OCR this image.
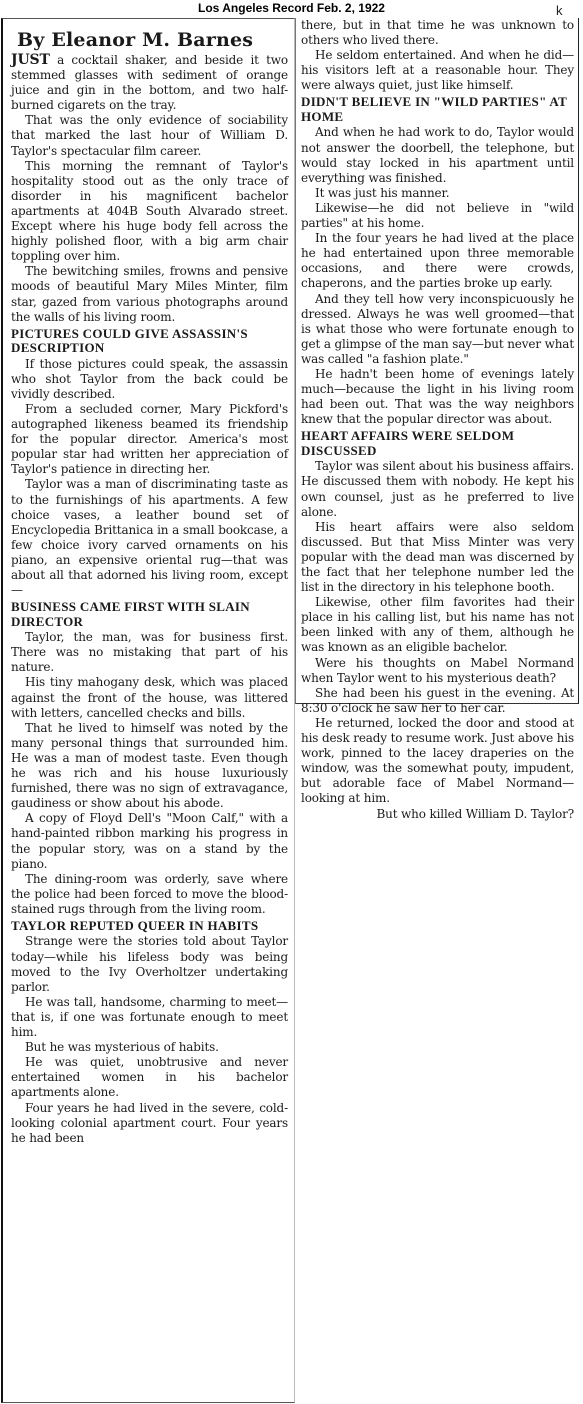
Los Angeles Record Feb. 2, 1922	k
By Eleanor M. Barnes

JUST a cocktail shaker, and beside it two stemmed glasses with sediment of orange juice and gin in the bottom, and two half-burned cigarets on the tray.

That was the only evidence of sociability that marked the last hour of William D. Taylor's spectacular film career.

This morning the remnant of Taylor's hospitality stood out as the only trace of disorder in his magnificent bachelor apartments at 404B South Alvarado street. Except where his huge body fell across the highly polished floor, with a big arm chair toppling over him.

The bewitching smiles, frowns and pensive moods of beautiful Mary Miles Minter, film star, gazed from various photographs around the walls of his living room.

PICTURES COULD GIVE ASSASSIN'S DESCRIPTION

If those pictures could speak, the assassin who shot Taylor from the back could be vividly described.

From a secluded corner, Mary Pickford's autographed likeness beamed its friendship for the popular director. America's most popular star had written her appreciation of Taylor's patience in directing her.

Taylor was a man of discriminating taste as to the furnishings of his apartments. A few choice vases, a leather bound set of Encyclopedia Brittanica in a small bookcase, a few choice ivory carved ornaments on his piano, an expensive oriental rug—that was about all that adorned his living room, except—

BUSINESS CAME FIRST WITH SLAIN DIRECTOR

Taylor, the man, was for business first. There was no mistaking that part of his nature.

His tiny mahogany desk, which was placed against the front of the house, was littered with letters, cancelled checks and bills.

That he lived to himself was noted by the many personal things that surrounded him. He was a man of modest taste. Even though he was rich and his house luxuriously furnished, there was no sign of extravagance, gaudiness or show about his abode.

A copy of Floyd Dell's "Moon Calf," with a hand-painted ribbon marking his progress in the popular story, was on a stand by the piano.

The dining-room was orderly, save where the police had been forced to move the blood-stained rugs through from the living room.

TAYLOR REPUTED QUEER IN HABITS

Strange were the stories told about Taylor today—while his lifeless body was being moved to the Ivy Overholtzer undertaking parlor.

He was tall, handsome, charming to meet—that is, if one was fortunate enough to meet him.

But he was mysterious of habits.

He was quiet, unobtrusive and never entertained women in his bachelor apartments alone.

Four years he had lived in the severe, cold-looking colonial apartment court. Four years he had been

there, but in that time he was unknown to others who lived there.

He seldom entertained. And when he did—his visitors left at a reasonable hour. They were always quiet, just like himself.

DIDN'T BELIEVE IN "WILD PARTIES" AT HOME

And when he had work to do, Taylor would not answer the doorbell, the telephone, but would stay locked in his apartment until everything was finished.

It was just his manner.

Likewise—he did not believe in "wild parties" at his home.

In the four years he had lived at the place he had entertained upon three memorable occasions, and there were crowds, chaperons, and the parties broke up early.

And they tell how very inconspicuously he dressed. Always he was well groomed—that is what those who were fortunate enough to get a glimpse of the man say—but never what was called "a fashion plate."

He hadn't been home of evenings lately much—because the light in his living room had been out. That was the way neighbors knew that the popular director was about.

HEART AFFAIRS WERE SELDOM DISCUSSED

Taylor was silent about his business affairs. He discussed them with nobody. He kept his own counsel, just as he preferred to live alone.

His heart affairs were also seldom discussed. But that Miss Minter was very popular with the dead man was discerned by the fact that her telephone number led the list in the directory in his telephone booth.

Likewise, other film favorites had their place in his calling list, but his name has not been linked with any of them, although he was known as an eligible bachelor.

Were his thoughts on Mabel Normand when Taylor went to his mysterious death?

She had been his guest in the evening. At 8:30 o'clock he saw her to her car.

He returned, locked the door and stood at his desk ready to resume work. Just above his work, pinned to the lacey draperies on the window, was the somewhat pouty, impudent, but adorable face of Mabel Normand—looking at him.

But who killed William D. Taylor?
